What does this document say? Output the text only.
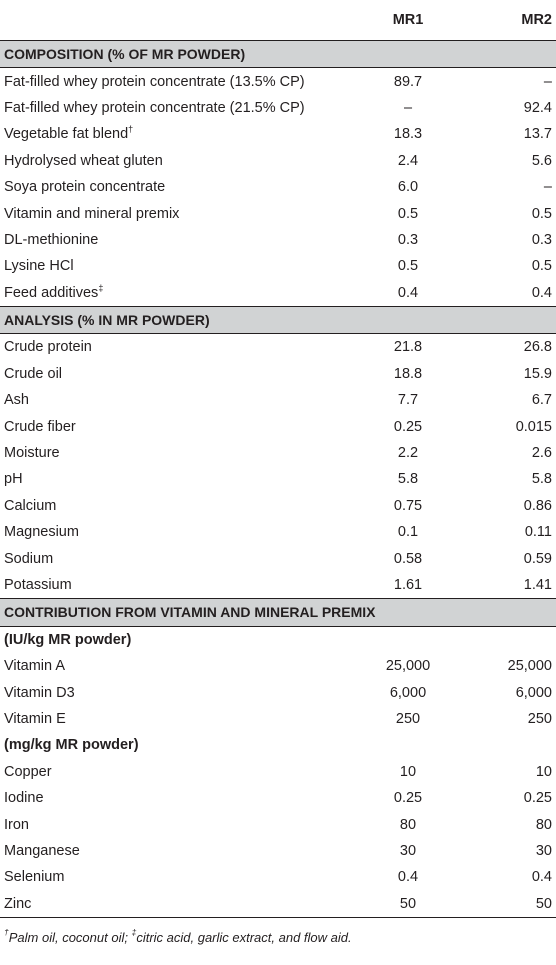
	MR1	MR2
COMPOSITION (% OF MR POWDER)		
Fat-filled whey protein concentrate (13.5% CP)	89.7	–
Fat-filled whey protein concentrate (21.5% CP)	–	92.4
Vegetable fat blend†	18.3	13.7
Hydrolysed wheat gluten	2.4	5.6
Soya protein concentrate	6.0	–
Vitamin and mineral premix	0.5	0.5
DL-methionine	0.3	0.3
Lysine HCl	0.5	0.5
Feed additives‡	0.4	0.4
ANALYSIS (% IN MR POWDER)		
Crude protein	21.8	26.8
Crude oil	18.8	15.9
Ash	7.7	6.7
Crude fiber	0.25	0.015
Moisture	2.2	2.6
pH	5.8	5.8
Calcium	0.75	0.86
Magnesium	0.1	0.11
Sodium	0.58	0.59
Potassium	1.61	1.41
CONTRIBUTION FROM VITAMIN AND MINERAL PREMIX		
(IU/kg MR powder)		
Vitamin A	25,000	25,000
Vitamin D3	6,000	6,000
Vitamin E	250	250
(mg/kg MR powder)		
Copper	10	10
Iodine	0.25	0.25
Iron	80	80
Manganese	30	30
Selenium	0.4	0.4
Zinc	50	50
†Palm oil, coconut oil; ‡citric acid, garlic extract, and flow aid.
